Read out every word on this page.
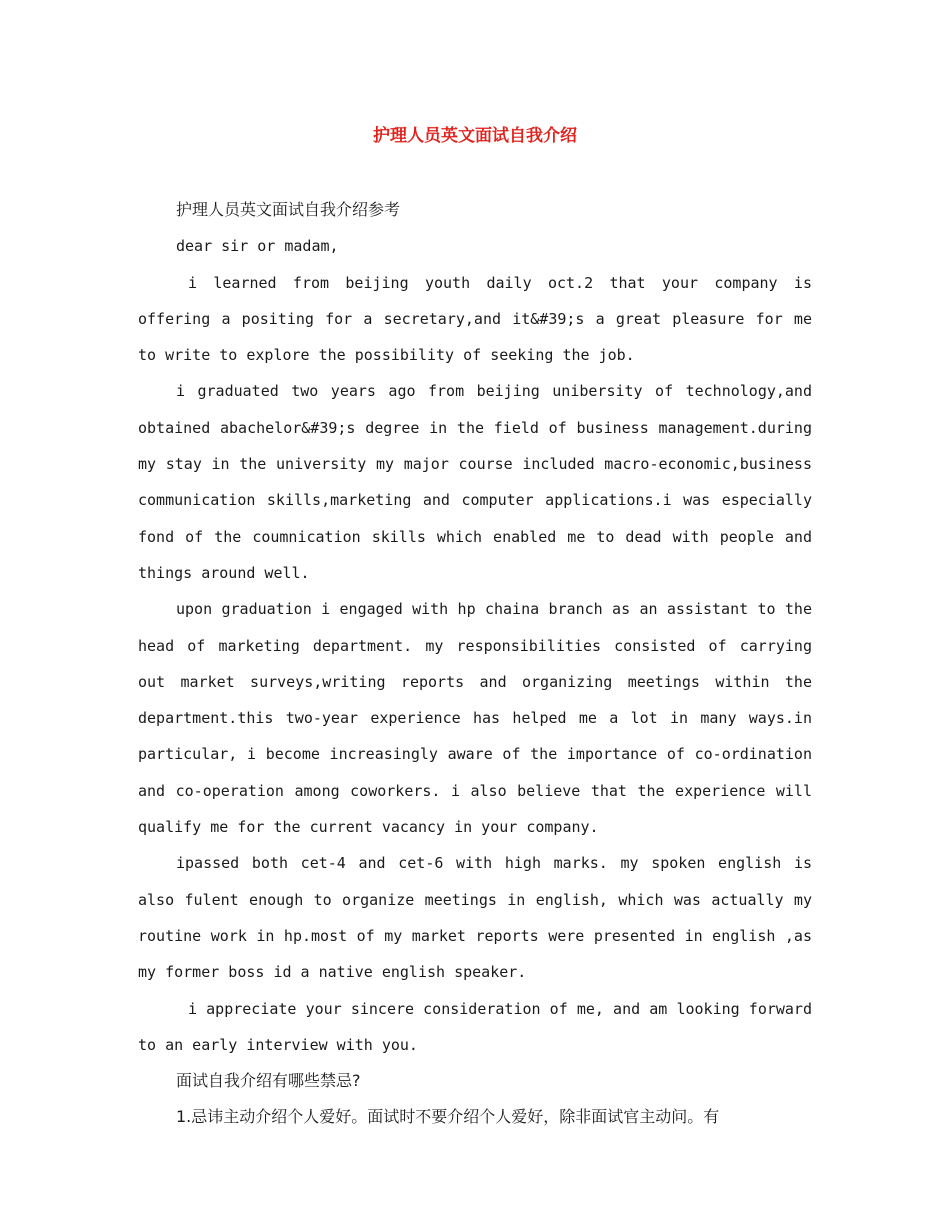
护理人员英文面试自我介绍

护理人员英文面试自我介绍参考

dear sir or madam,

i learned from beijing youth daily oct.2 that your company is offering a positing for a secretary,and it&#39;s a great pleasure for me to write to explore the possibility of seeking the job.

i graduated two years ago from beijing unibersity of technology,and obtained abachelor&#39;s degree in the field of business management.during my stay in the university my major course included macro-economic,business communication skills,marketing and computer applications.i was especially fond of the coumnication skills which enabled me to dead with people and things around well.

upon graduation i engaged with hp chaina branch as an assistant to the head of marketing department. my responsibilities consisted of carrying out market surveys,writing reports and organizing meetings within the department.this two-year experience has helped me a lot in many ways.in particular, i become increasingly aware of the importance of co-ordination and co-operation among coworkers. i also believe that the experience will qualify me for the current vacancy in your company.

ipassed both cet-4 and cet-6 with high marks. my spoken english is also fulent enough to organize meetings in english, which was actually my routine work in hp.most of my market reports were presented in english ,as my former boss id a native english speaker.

i appreciate your sincere consideration of me, and am looking forward to an early interview with you.

面试自我介绍有哪些禁忌?

1.忌讳主动介绍个人爱好。面试时不要介绍个人爱好，除非面试官主动问。有
